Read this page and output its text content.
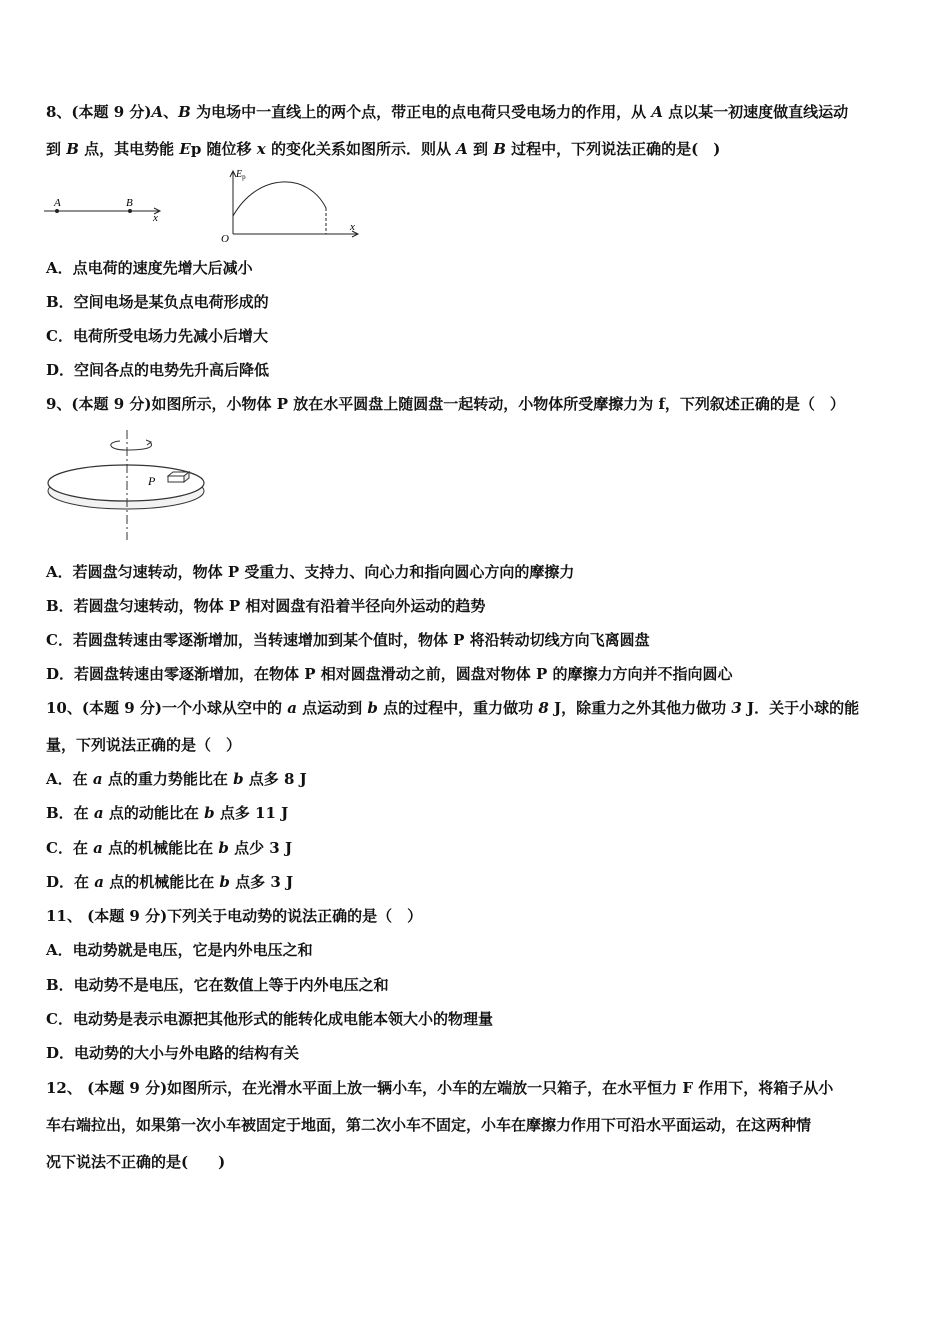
8、(本题 9 分)A、B 为电场中一直线上的两个点，带正电的点电荷只受电场力的作用，从 A 点以某一初速度做直线运动
到 B 点，其电势能 Ep 随位移 x 的变化关系如图所示．则从 A 到 B 过程中，下列说法正确的是(　)
A	B
x
$E_p$
O
x
A．点电荷的速度先增大后减小
B．空间电场是某负点电荷形成的
C．电荷所受电场力先减小后增大
D．空间各点的电势先升高后降低
9、(本题 9 分)如图所示，小物体 P 放在水平圆盘上随圆盘一起转动，小物体所受摩擦力为 f，下列叙述正确的是（　）
P
A．若圆盘匀速转动，物体 P 受重力、支持力、向心力和指向圆心方向的摩擦力
B．若圆盘匀速转动，物体 P 相对圆盘有沿着半径向外运动的趋势
C．若圆盘转速由零逐渐增加，当转速增加到某个值时，物体 P 将沿转动切线方向飞离圆盘
D．若圆盘转速由零逐渐增加，在物体 P 相对圆盘滑动之前，圆盘对物体 P 的摩擦力方向并不指向圆心
10、(本题 9 分)一个小球从空中的 a 点运动到 b 点的过程中，重力做功 8 J，除重力之外其他力做功 3 J．关于小球的能
量，下列说法正确的是（　）
A．在 a 点的重力势能比在 b 点多 8 J
B．在 a 点的动能比在 b 点多 11 J
C．在 a 点的机械能比在 b 点少 3 J
D．在 a 点的机械能比在 b 点多 3 J
11、 (本题 9 分)下列关于电动势的说法正确的是（　）
A．电动势就是电压，它是内外电压之和
B．电动势不是电压，它在数值上等于内外电压之和
C．电动势是表示电源把其他形式的能转化成电能本领大小的物理量
D．电动势的大小与外电路的结构有关
12、 (本题 9 分)如图所示，在光滑水平面上放一辆小车，小车的左端放一只箱子，在水平恒力 F 作用下，将箱子从小
车右端拉出，如果第一次小车被固定于地面，第二次小车不固定，小车在摩擦力作用下可沿水平面运动，在这两种情
况下说法不正确的是(　　)
